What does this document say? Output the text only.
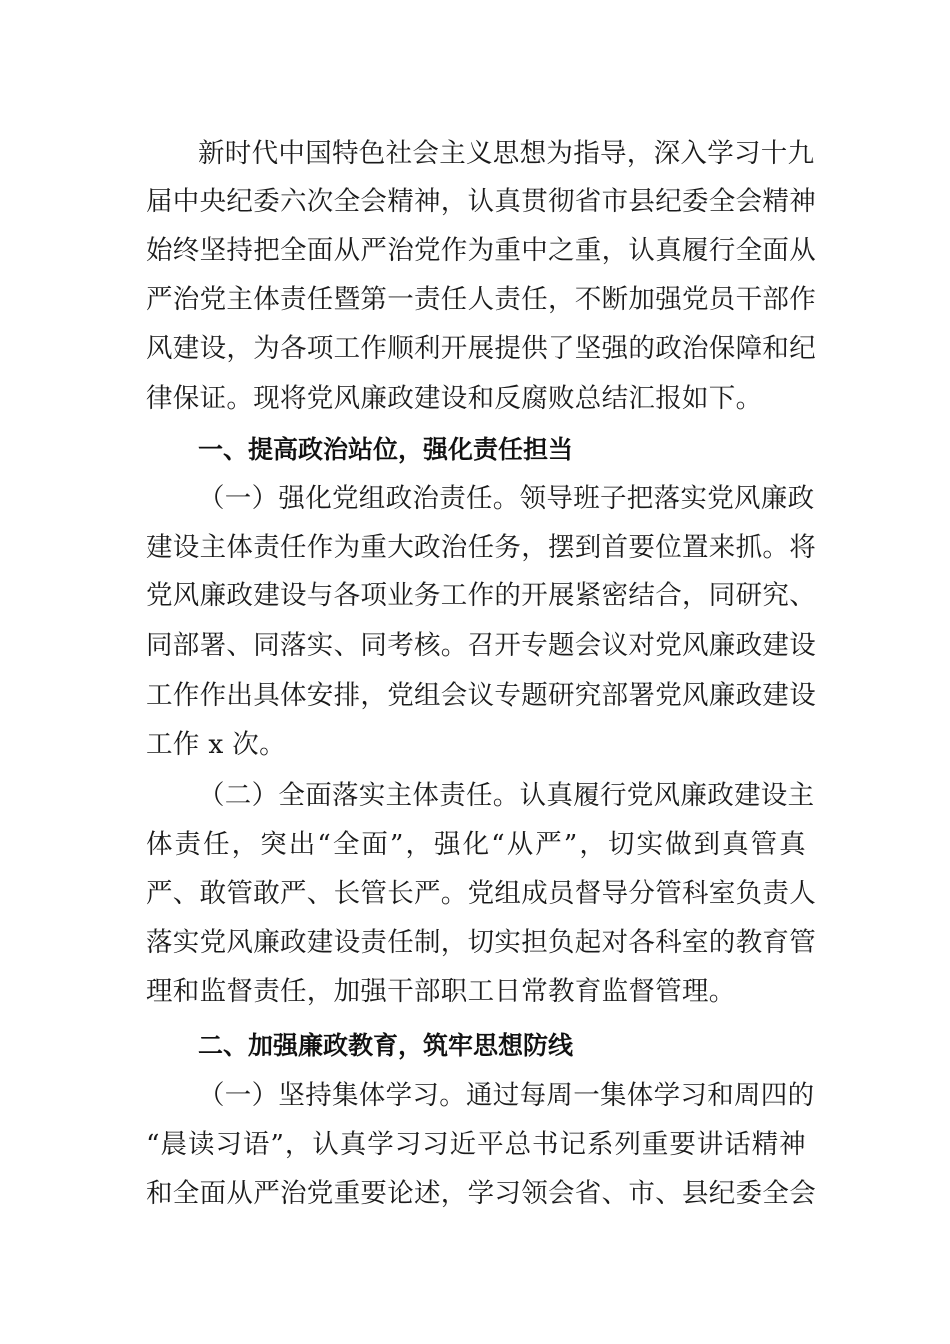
新时代中国特色社会主义思想为指导，深入学习十九
届中央纪委六次全会精神，认真贯彻省市县纪委全会精神
始终坚持把全面从严治党作为重中之重，认真履行全面从
严治党主体责任暨第一责任人责任，不断加强党员干部作
风建设，为各项工作顺利开展提供了坚强的政治保障和纪
律保证。现将党风廉政建设和反腐败总结汇报如下。
一、提高政治站位，强化责任担当
（一）强化党组政治责任。领导班子把落实党风廉政
建设主体责任作为重大政治任务，摆到首要位置来抓。将
党风廉政建设与各项业务工作的开展紧密结合，同研究、
同部署、同落实、同考核。召开专题会议对党风廉政建设
工作作出具体安排，党组会议专题研究部署党风廉政建设
工作 x 次。
（二）全面落实主体责任。认真履行党风廉政建设主
体责任，突出“全面”，强化“从严”，切实做到真管真
严、敢管敢严、长管长严。党组成员督导分管科室负责人
落实党风廉政建设责任制，切实担负起对各科室的教育管
理和监督责任，加强干部职工日常教育监督管理。
二、加强廉政教育，筑牢思想防线
（一）坚持集体学习。通过每周一集体学习和周四的
“晨读习语”，认真学习习近平总书记系列重要讲话精神
和全面从严治党重要论述，学习领会省、市、县纪委全会
